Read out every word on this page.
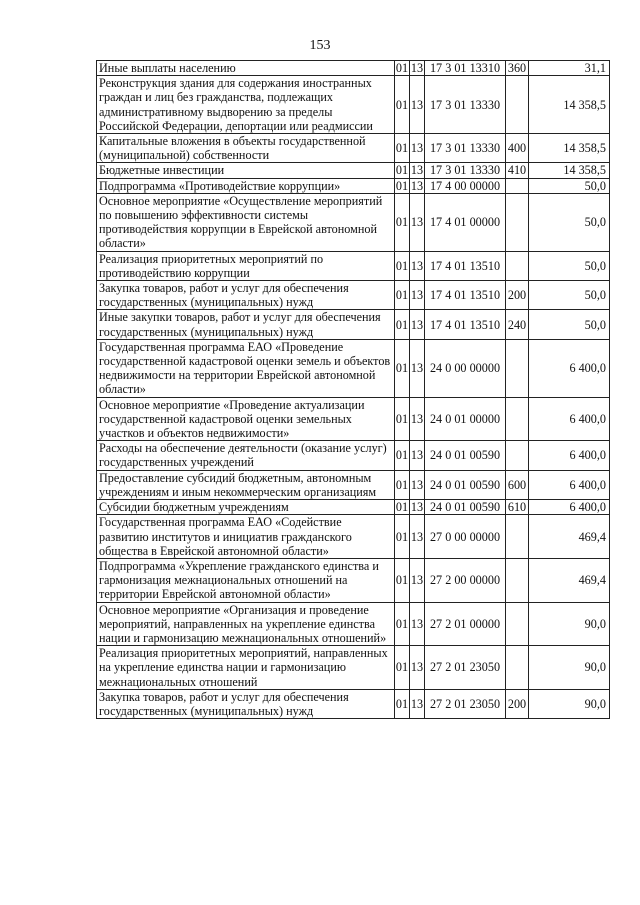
153
Иные выплаты населению	01	13	17 3 01 13310	360	31,1
Реконструкция здания для содержания иностранных граждан и лиц без гражданства, подлежащих административному выдворению за пределы Российской Федерации, депортации или реадмиссии	01	13	17 3 01 13330		14 358,5
Капитальные вложения в объекты государственной (муниципальной) собственности	01	13	17 3 01 13330	400	14 358,5
Бюджетные инвестиции	01	13	17 3 01 13330	410	14 358,5
Подпрограмма «Противодействие коррупции»	01	13	17 4 00 00000		50,0
Основное мероприятие «Осуществление мероприятий по повышению эффективности системы противодействия коррупции в Еврейской автономной области»	01	13	17 4 01 00000		50,0
Реализация приоритетных мероприятий по противодействию коррупции	01	13	17 4 01 13510		50,0
Закупка товаров, работ и услуг для обеспечения государственных (муниципальных) нужд	01	13	17 4 01 13510	200	50,0
Иные закупки товаров, работ и услуг для обеспечения государственных (муниципальных) нужд	01	13	17 4 01 13510	240	50,0
Государственная программа ЕАО «Проведение государственной кадастровой оценки земель и объектов недвижимости на территории Еврейской автономной области»	01	13	24 0 00 00000		6 400,0
Основное мероприятие «Проведение актуализации государственной кадастровой оценки земельных участков и объектов недвижимости»	01	13	24 0 01 00000		6 400,0
Расходы на обеспечение деятельности (оказание услуг) государственных учреждений	01	13	24 0 01 00590		6 400,0
Предоставление субсидий бюджетным, автономным учреждениям и иным некоммерческим организациям	01	13	24 0 01 00590	600	6 400,0
Субсидии бюджетным учреждениям	01	13	24 0 01 00590	610	6 400,0
Государственная программа ЕАО «Содействие развитию институтов и инициатив гражданского общества в Еврейской автономной области»	01	13	27 0 00 00000		469,4
Подпрограмма «Укрепление гражданского единства и гармонизация межнациональных отношений на территории Еврейской автономной области»	01	13	27 2 00 00000		469,4
Основное мероприятие «Организация и проведение мероприятий, направленных на укрепление единства нации и гармонизацию межнациональных отношений»	01	13	27 2 01 00000		90,0
Реализация приоритетных мероприятий, направленных на укрепление единства нации и гармонизацию межнациональных отношений	01	13	27 2 01 23050		90,0
Закупка товаров, работ и услуг для обеспечения государственных (муниципальных) нужд	01	13	27 2 01 23050	200	90,0
